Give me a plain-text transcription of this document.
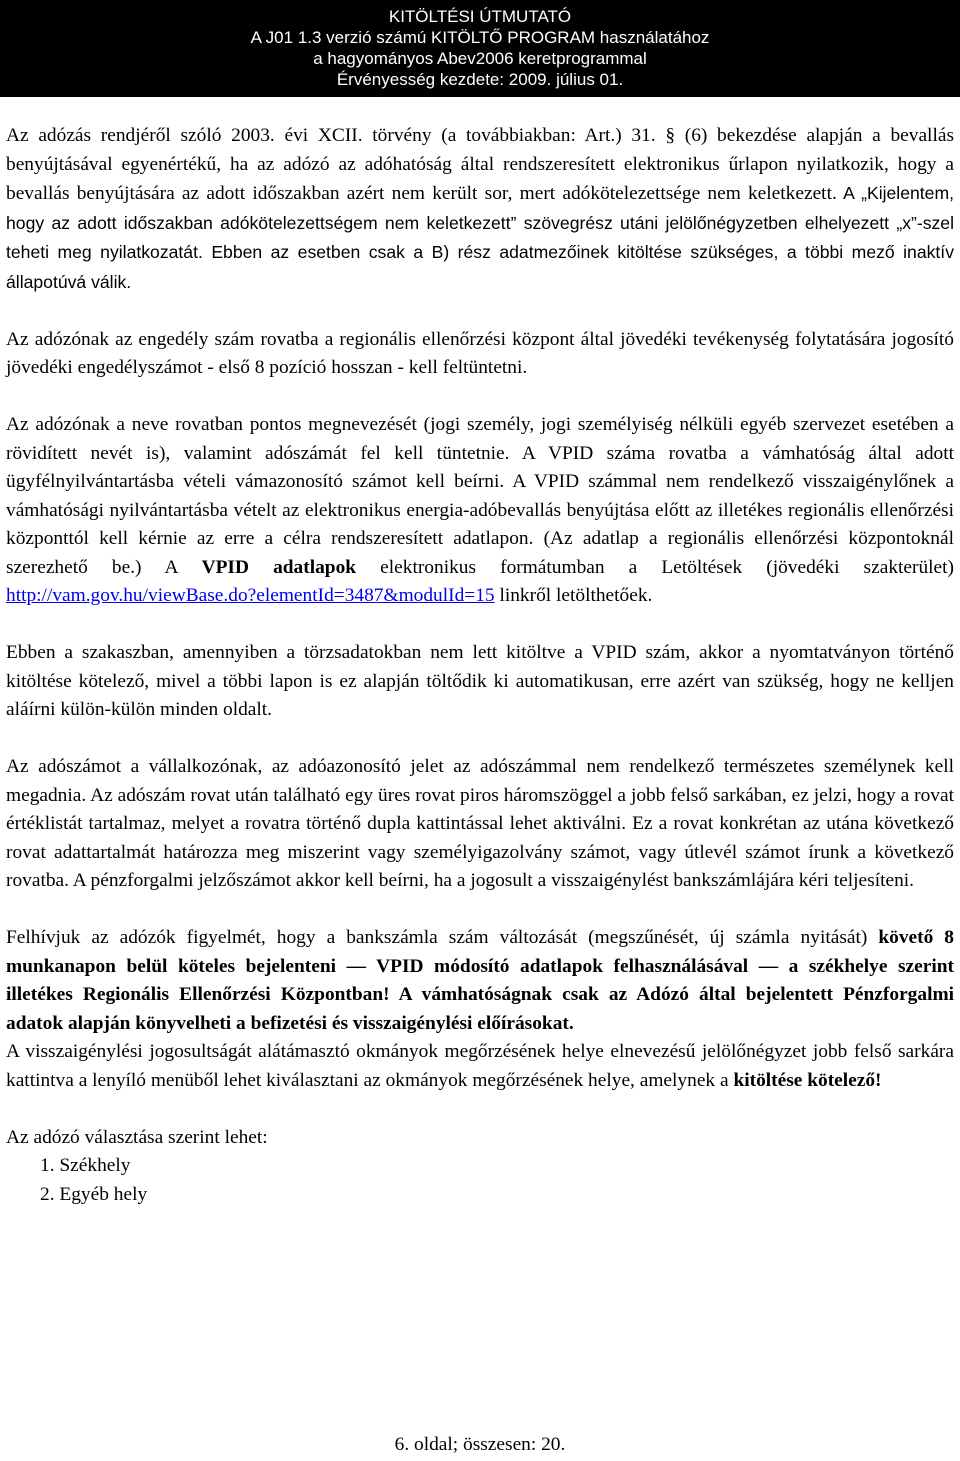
KITÖLTÉSI ÚTMUTATÓ
A J01 1.3 verzió számú KITÖLTŐ PROGRAM használatához
a hagyományos Abev2006 keretprogrammal
Érvényesség kezdete: 2009. július 01.

Az adózás rendjéről szóló 2003. évi XCII. törvény (a továbbiakban: Art.) 31. § (6) bekezdése alapján a bevallás benyújtásával egyenértékű, ha az adózó az adóhatóság által rendszeresített elektronikus űrlapon nyilatkozik, hogy a bevallás benyújtására az adott időszakban azért nem került sor, mert adókötelezettsége nem keletkezett. A „Kijelentem, hogy az adott időszakban adókötelezettségem nem keletkezett” szövegrész utáni jelölőnégyzetben elhelyezett „x”-szel teheti meg nyilatkozatát. Ebben az esetben csak a B) rész adatmezőinek kitöltése szükséges, a többi mező inaktív állapotúvá válik.

Az adózónak az engedély szám rovatba a regionális ellenőrzési központ által jövedéki tevékenység folytatására jogosító jövedéki engedélyszámot - első 8 pozíció hosszan - kell feltüntetni.

Az adózónak a neve rovatban pontos megnevezését (jogi személy, jogi személyiség nélküli egyéb szervezet esetében a rövidített nevét is), valamint adószámát fel kell tüntetnie. A VPID száma rovatba a vámhatóság által adott ügyfélnyilvántartásba vételi vámazonosító számot kell beírni. A VPID számmal nem rendelkező visszaigénylőnek a vámhatósági nyilvántartásba vételt az elektronikus energia-adóbevallás benyújtása előtt az illetékes regionális ellenőrzési központtól kell kérnie az erre a célra rendszeresített adatlapon. (Az adatlap a regionális ellenőrzési központoknál szerezhető be.) A VPID adatlapok elektronikus formátumban a Letöltések (jövedéki szakterület) http://vam.gov.hu/viewBase.do?elementId=3487&modulId=15 linkről letölthetőek.

Ebben a szakaszban, amennyiben a törzsadatokban nem lett kitöltve a VPID szám, akkor a nyomtatványon történő kitöltése kötelező, mivel a többi lapon is ez alapján töltődik ki automatikusan, erre azért van szükség, hogy ne kelljen aláírni külön-külön minden oldalt.

Az adószámot a vállalkozónak, az adóazonosító jelet az adószámmal nem rendelkező természetes személynek kell megadnia. Az adószám rovat után található egy üres rovat piros háromszöggel a jobb felső sarkában, ez jelzi, hogy a rovat értéklistát tartalmaz, melyet a rovatra történő dupla kattintással lehet aktiválni. Ez a rovat konkrétan az utána következő rovat adattartalmát határozza meg miszerint vagy személyigazolvány számot, vagy útlevél számot írunk a következő rovatba. A pénzforgalmi jelzőszámot akkor kell beírni, ha a jogosult a visszaigénylést bankszámlájára kéri teljesíteni.

Felhívjuk az adózók figyelmét, hogy a bankszámla szám változását (megszűnését, új számla nyitását) követő 8 munkanapon belül köteles bejelenteni — VPID módosító adatlapok felhasználásával — a székhelye szerint illetékes Regionális Ellenőrzési Központban! A vámhatóságnak csak az Adózó által bejelentett Pénzforgalmi adatok alapján könyvelheti a befizetési és visszaigénylési előírásokat.

A visszaigénylési jogosultságát alátámasztó okmányok megőrzésének helye elnevezésű jelölőnégyzet jobb felső sarkára kattintva a lenyíló menüből lehet kiválasztani az okmányok megőrzésének helye, amelynek a kitöltése kötelező!

Az adózó választása szerint lehet:

1. Székhely
2. Egyéb hely
6. oldal; összesen: 20.
